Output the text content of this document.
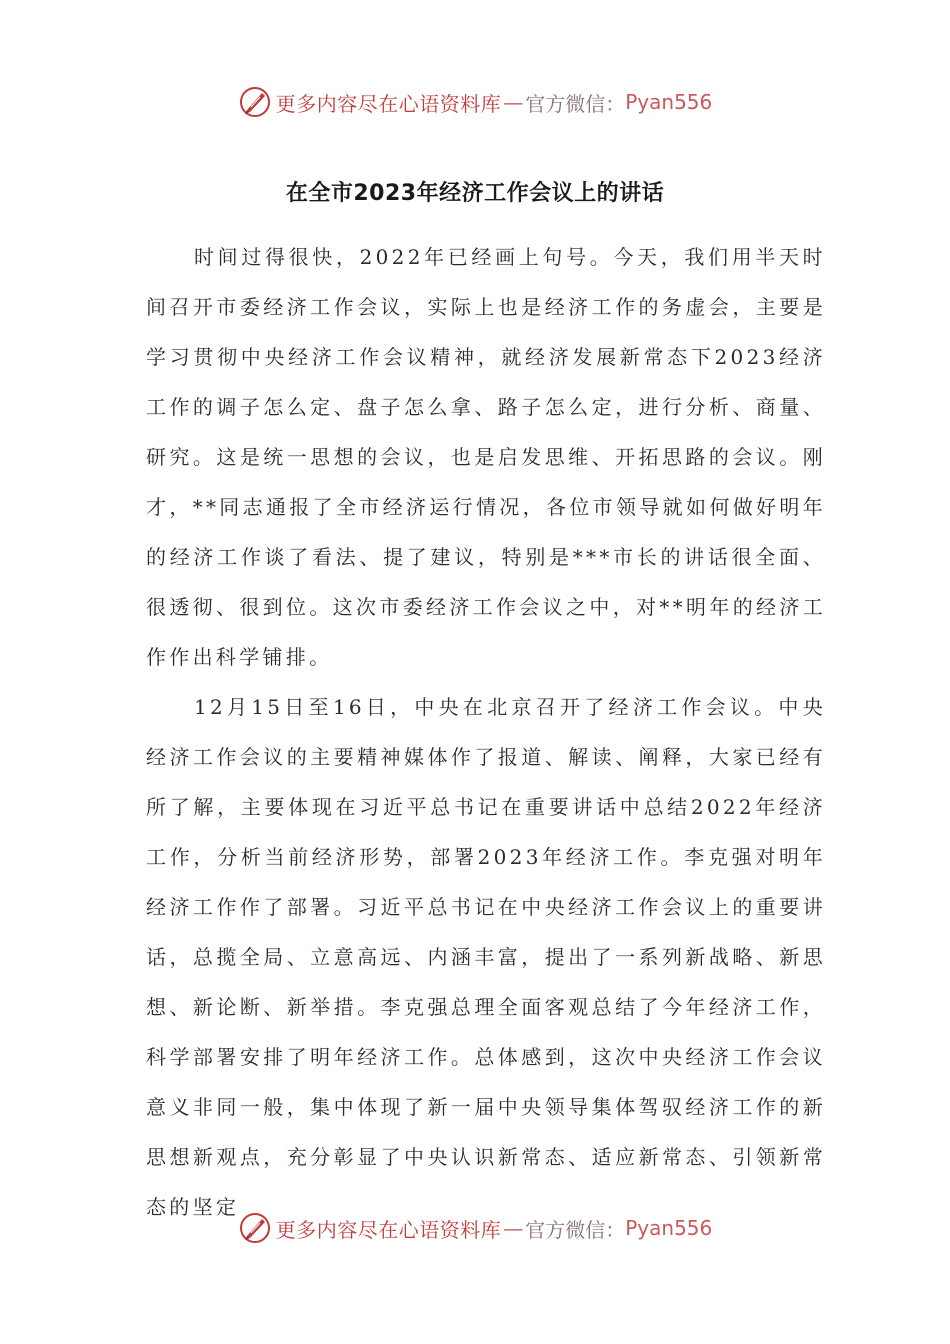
更多内容尽在心语资料库 — 官方微信： Pyan556
在全市2023年经济工作会议上的讲话

时间过得很快，2022年已经画上句号。今天，我们用半天时间召开市委经济工作会议，实际上也是经济工作的务虚会，主要是学习贯彻中央经济工作会议精神，就经济发展新常态下2023经济工作的调子怎么定、盘子怎么拿、路子怎么定，进行分析、商量、研究。这是统一思想的会议，也是启发思维、开拓思路的会议。刚才，**同志通报了全市经济运行情况，各位市领导就如何做好明年的经济工作谈了看法、提了建议，特别是***市长的讲话很全面、很透彻、很到位。这次市委经济工作会议之中，对**明年的经济工作作出科学铺排。

12月15日至16日，中央在北京召开了经济工作会议。中央经济工作会议的主要精神媒体作了报道、解读、阐释，大家已经有所了解，主要体现在习近平总书记在重要讲话中总结2022年经济工作，分析当前经济形势，部署2023年经济工作。李克强对明年经济工作作了部署。习近平总书记在中央经济工作会议上的重要讲话，总揽全局、立意高远、内涵丰富，提出了一系列新战略、新思想、新论断、新举措。李克强总理全面客观总结了今年经济工作，科学部署安排了明年经济工作。总体感到，这次中央经济工作会议意义非同一般，集中体现了新一届中央领导集体驾驭经济工作的新思想新观点，充分彰显了中央认识新常态、适应新常态、引领新常态的坚定

更多内容尽在心语资料库 — 官方微信： Pyan556
